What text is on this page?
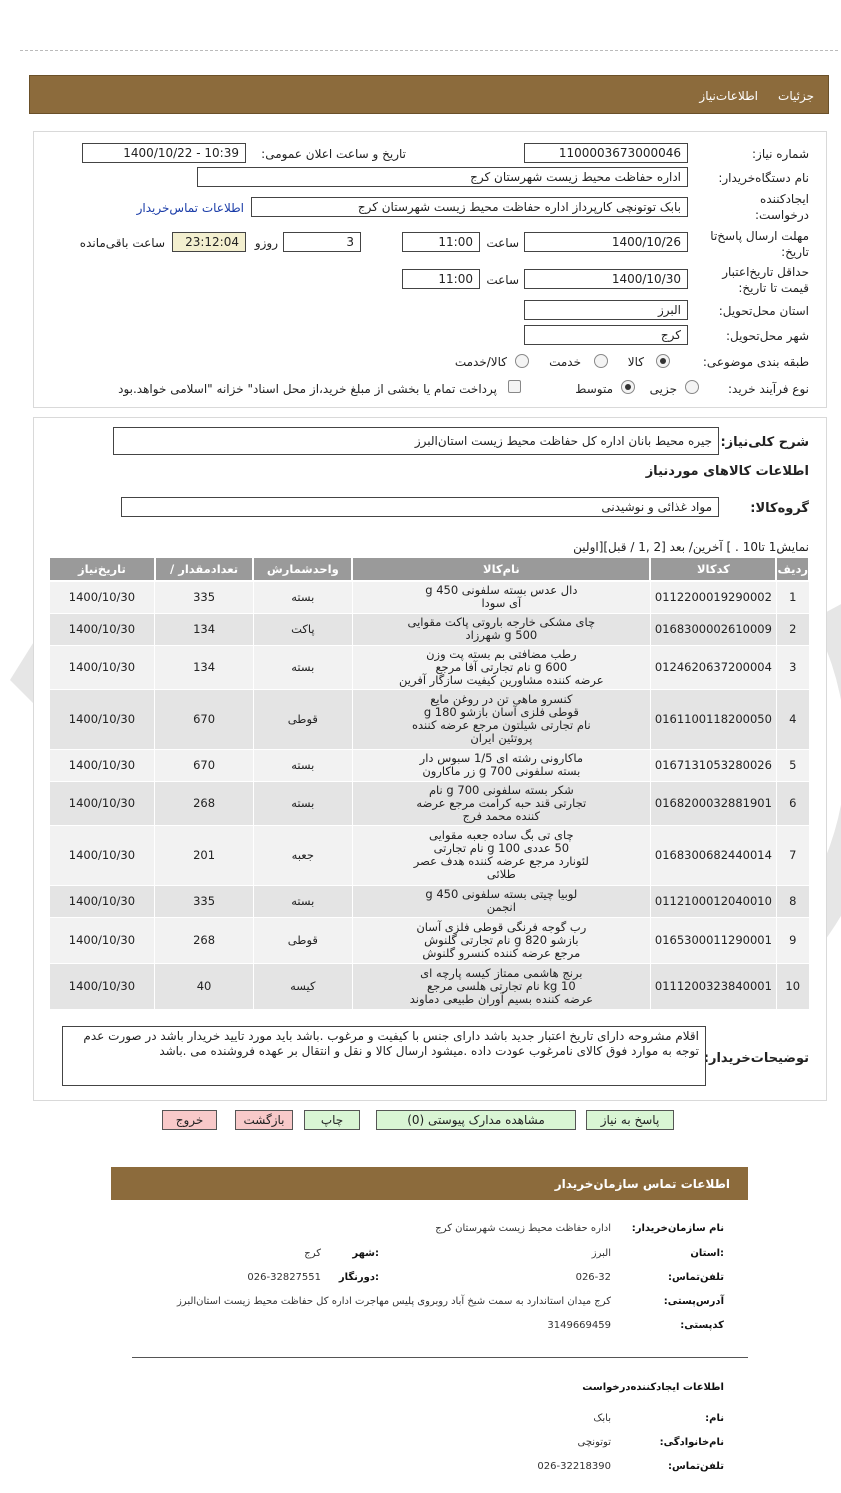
جزئیات
اطلاعات‌نیاز
شماره نیاز:
1100003673000046
تاریخ و ساعت اعلان عمومی:
1400/10/22 - 10:39
نام دستگاه‌خریدار:
اداره حفاظت محیط زیست شهرستان کرج
ایجادکننده
درخواست:
بابک توتونچی کارپرداز اداره حفاظت محیط زیست شهرستان کرج
اطلاعات تماس‌خریدار
مهلت ارسال پاسخ‌تا
تاریخ:
1400/10/26
ساعت
11:00
3
روزو
23:12:04
ساعت باقی‌مانده
حداقل تاریخ‌اعتبار
قیمت تا تاریخ:
1400/10/30
ساعت
11:00
استان محل‌تحویل:
البرز
شهر محل‌تحویل:
کرج
طبقه بندی موضوعی:
کالا
خدمت
کالا/خدمت
نوع فرآیند خرید:
جزیی
متوسط
پرداخت تمام یا بخشی از مبلغ خرید،از محل اسناد" خزانه "اسلامی خواهد.بود
شرح کلی‌نیاز:
جیره محیط بانان اداره کل حفاظت محیط زیست استان‌البرز
اطلاعات کالاهای موردنیاز
گروه‌کالا:
مواد غذائی و نوشیدنی
نمایش1 تا10 . ] آخرین/ بعد [2 ,1 / قبل][اولین
ردیف	کدکالا	نام‌کالا	واحدشمارش	تعدادمقدار /	تاریخ‌نیاز
1	0112200019290002	دال عدس بسته سلفونی 450 g
آی سودا	بسته	335	1400/10/30
2	0168300002610009	چای مشکی خارجه باروتی پاکت مقوایی
500 g شهرزاد	پاکت	134	1400/10/30
3	0124620637200004	رطب مضافتی بم بسته پت وزن
600 g نام تجارتی آفا مرجع
عرضه کننده مشاورین کیفیت سازگار آفرین	بسته	134	1400/10/30
4	0161100118200050	کنسرو ماهی تن در روغن مایع
قوطی فلزی آسان بازشو 180 g
نام تجارتی شیلتون مرجع عرضه کننده
پروتئین ایران	قوطی	670	1400/10/30
5	0167131053280026	ماکارونی رشته ای 1/5 سبوس دار
بسته سلفونی 700 g زر ماکارون	بسته	670	1400/10/30
6	0168200032881901	شکر بسته سلفونی 700 g نام
تجارتی قند حبه کرامت مرجع عرضه
کننده محمد فرج	بسته	268	1400/10/30
7	0168300682440014	چای تی بگ ساده جعبه مقوایی
50 عددی 100 g نام تجارتی
لئونارد مرجع عرضه کننده هدف عصر
طلائی	جعبه	201	1400/10/30
8	0112100012040010	لوبیا چیتی بسته سلفونی 450 g
انجمن	بسته	335	1400/10/30
9	0165300011290001	رب گوجه فرنگی قوطی فلزی آسان
بازشو 820 g نام تجارتی گلنوش
مرجع عرضه کننده کنسرو گلنوش	قوطی	268	1400/10/30
10	0111200323840001	برنج هاشمی ممتاز کیسه پارچه ای
10 kg نام تجارتی هلسی مرجع
عرضه کننده بسیم آوران طبیعی دماوند	کیسه	40	1400/10/30
توضیحات‌خریدار:
اقلام مشروحه دارای تاریخ اعتبار جدید باشد دارای جنس با کیفیت و مرغوب .باشد باید مورد تایید خریدار باشد در صورت عدم توجه به موارد فوق کالای نامرغوب عودت داده .میشود ارسال کالا و نقل و انتقال بر عهده فروشنده می .باشد
پاسخ به نیاز
مشاهده مدارک پیوستی (0)
چاپ
بازگشت
خروج
اطلاعات تماس سازمان‌خریدار
نام سازمان‌خریدار:
اداره حفاظت محیط زیست شهرستان کرج
:استان
البرز
:شهر
کرج
تلفن‌تماس:
026-32
:دورنگار
026-32827551
آدرس‌پستی:
کرج میدان استاندارد به سمت شیخ آباد روبروی پلیس مهاجرت اداره کل حفاظت محیط زیست استان‌البرز
کدپستی:
3149669459
اطلاعات ایجاد‌کننده‌درخواست
نام:
بابک
نام‌خانوادگی:
توتونچی
تلفن‌تماس:
026-32218390
